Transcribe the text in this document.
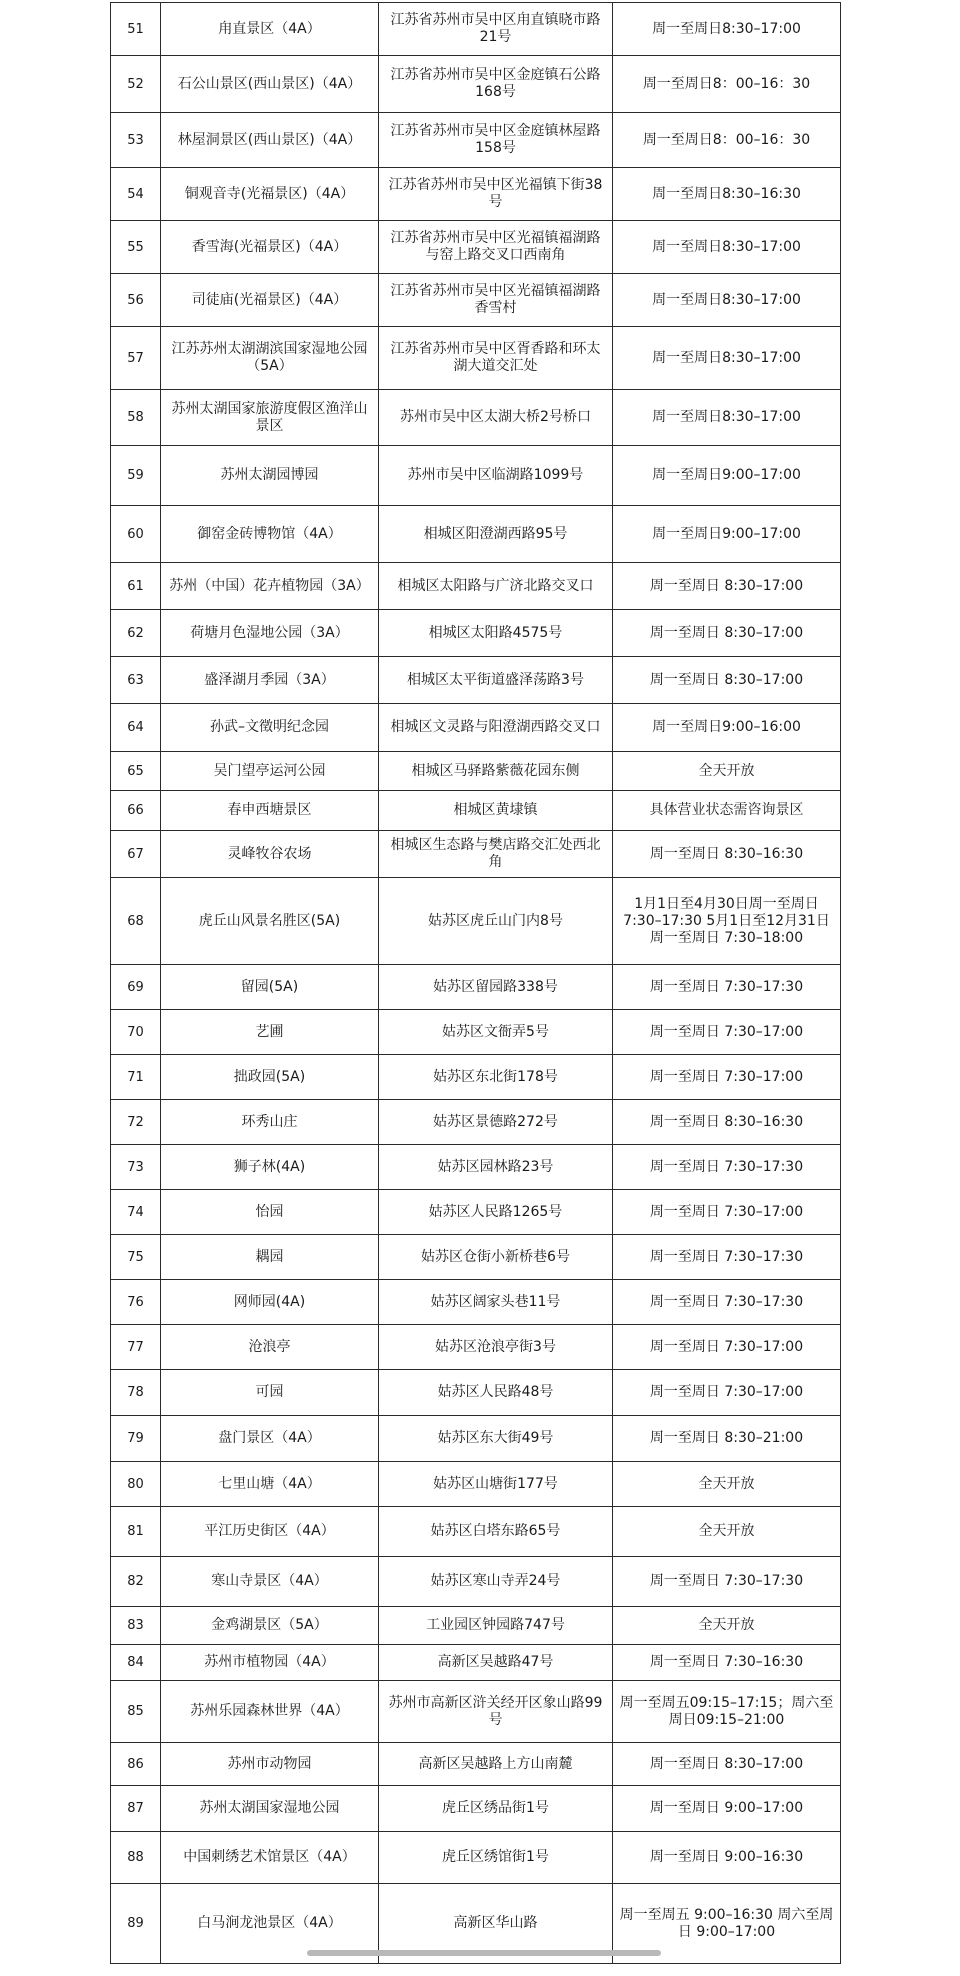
51	甪直景区（4A）	江苏省苏州市吴中区甪直镇晓市路21号	周一至周日8:30–17:00
52	石公山景区(西山景区)（4A）	江苏省苏州市吴中区金庭镇石公路168号	周一至周日8：00–16：30
53	林屋洞景区(西山景区)（4A）	江苏省苏州市吴中区金庭镇林屋路158号	周一至周日8：00–16：30
54	铜观音寺(光福景区)（4A）	江苏省苏州市吴中区光福镇下街38号	周一至周日8:30–16:30
55	香雪海(光福景区)（4A）	江苏省苏州市吴中区光福镇福湖路与窑上路交叉口西南角	周一至周日8:30–17:00
56	司徒庙(光福景区)（4A）	江苏省苏州市吴中区光福镇福湖路香雪村	周一至周日8:30–17:00
57	江苏苏州太湖湖滨国家湿地公园（5A）	江苏省苏州市吴中区胥香路和环太湖大道交汇处	周一至周日8:30–17:00
58	苏州太湖国家旅游度假区渔洋山景区	苏州市吴中区太湖大桥2号桥口	周一至周日8:30–17:00
59	苏州太湖园博园	苏州市吴中区临湖路1099号	周一至周日9:00–17:00
60	御窑金砖博物馆（4A）	相城区阳澄湖西路95号	周一至周日9:00–17:00
61	苏州（中国）花卉植物园（3A）	相城区太阳路与广济北路交叉口	周一至周日 8:30–17:00
62	荷塘月色湿地公园（3A）	相城区太阳路4575号	周一至周日 8:30–17:00
63	盛泽湖月季园（3A）	相城区太平街道盛泽荡路3号	周一至周日 8:30–17:00
64	孙武–文徵明纪念园	相城区文灵路与阳澄湖西路交叉口	周一至周日9:00–16:00
65	吴门望亭运河公园	相城区马驿路紫薇花园东侧	全天开放
66	春申西塘景区	相城区黄埭镇	具体营业状态需咨询景区
67	灵峰牧谷农场	相城区生态路与樊店路交汇处西北角	周一至周日 8:30–16:30
68	虎丘山风景名胜区(5A)	姑苏区虎丘山门内8号	1月1日至4月30日周一至周日 7:30–17:30 5月1日至12月31日周一至周日 7:30–18:00
69	留园(5A)	姑苏区留园路338号	周一至周日 7:30–17:30
70	艺圃	姑苏区文衙弄5号	周一至周日 7:30–17:00
71	拙政园(5A)	姑苏区东北街178号	周一至周日 7:30–17:00
72	环秀山庄	姑苏区景德路272号	周一至周日 8:30–16:30
73	狮子林(4A)	姑苏区园林路23号	周一至周日 7:30–17:30
74	怡园	姑苏区人民路1265号	周一至周日 7:30–17:00
75	耦园	姑苏区仓街小新桥巷6号	周一至周日 7:30–17:30
76	网师园(4A)	姑苏区阔家头巷11号	周一至周日 7:30–17:30
77	沧浪亭	姑苏区沧浪亭街3号	周一至周日 7:30–17:00
78	可园	姑苏区人民路48号	周一至周日 7:30–17:00
79	盘门景区（4A）	姑苏区东大街49号	周一至周日 8:30–21:00
80	七里山塘（4A）	姑苏区山塘街177号	全天开放
81	平江历史街区（4A）	姑苏区白塔东路65号	全天开放
82	寒山寺景区（4A）	姑苏区寒山寺弄24号	周一至周日 7:30–17:30
83	金鸡湖景区（5A）	工业园区钟园路747号	全天开放
84	苏州市植物园（4A）	高新区吴越路47号	周一至周日 7:30–16:30
85	苏州乐园森林世界（4A）	苏州市高新区浒关经开区象山路99号	周一至周五09:15–17:15；周六至周日09:15–21:00
86	苏州市动物园	高新区吴越路上方山南麓	周一至周日 8:30–17:00
87	苏州太湖国家湿地公园	虎丘区绣品街1号	周一至周日 9:00–17:00
88	中国刺绣艺术馆景区（4A）	虎丘区绣馆街1号	周一至周日 9:00–16:30
89	白马涧龙池景区（4A）	高新区华山路	周一至周五 9:00–16:30 周六至周日 9:00–17:00
